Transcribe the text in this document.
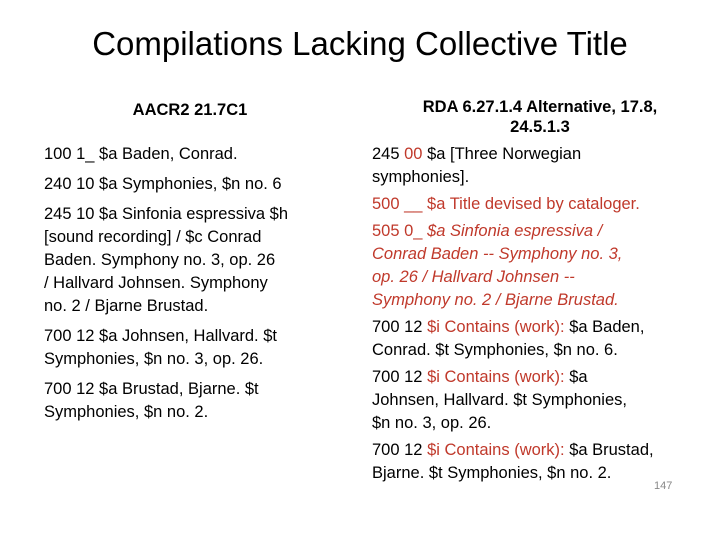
Compilations Lacking Collective Title
AACR2 21.7C1	RDA 6.27.1.4 Alternative, 17.8,
24.5.1.3
100 1_ $a Baden, Conrad.
240 10 $a Symphonies, $n no. 6
245 10 $a Sinfonia espressiva $h
[sound recording] / $c Conrad
Baden. Symphony no. 3, op. 26
/ Hallvard Johnsen. Symphony
no. 2 / Bjarne Brustad.
700 12 $a Johnsen, Hallvard. $t
Symphonies, $n no. 3, op. 26.
700 12 $a Brustad, Bjarne. $t
Symphonies, $n no. 2.
245 00 $a [Three Norwegian
symphonies].
500 __ $a Title devised by cataloger.
505 0_ $a Sinfonia espressiva /
Conrad Baden -- Symphony no. 3,
op. 26 / Hallvard Johnsen --
Symphony no. 2 / Bjarne Brustad.
700 12 $i Contains (work): $a Baden,
Conrad. $t Symphonies, $n no. 6.
700 12 $i Contains (work): $a
Johnsen, Hallvard. $t Symphonies,
$n no. 3, op. 26.
700 12 $i Contains (work): $a Brustad,
Bjarne. $t Symphonies, $n no. 2.
147
